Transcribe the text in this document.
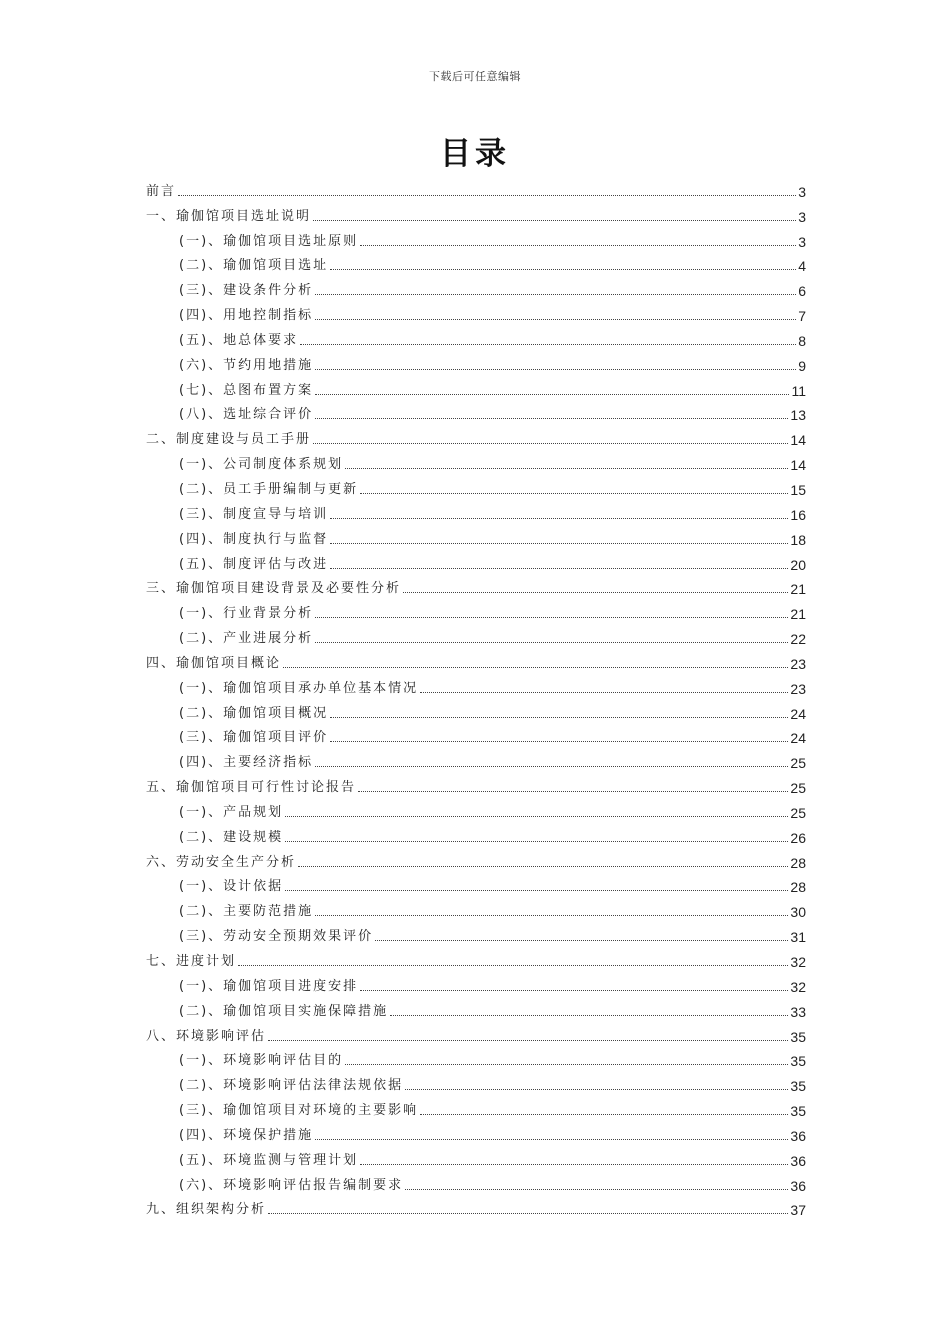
下载后可任意编辑
目录
前言	3
一、瑜伽馆项目选址说明	3
(一)、瑜伽馆项目选址原则	3
(二)、瑜伽馆项目选址	4
(三)、建设条件分析	6
(四)、用地控制指标	7
(五)、地总体要求	8
(六)、节约用地措施	9
(七)、总图布置方案	11
(八)、选址综合评价	13
二、制度建设与员工手册	14
(一)、公司制度体系规划	14
(二)、员工手册编制与更新	15
(三)、制度宣导与培训	16
(四)、制度执行与监督	18
(五)、制度评估与改进	20
三、瑜伽馆项目建设背景及必要性分析	21
(一)、行业背景分析	21
(二)、产业进展分析	22
四、瑜伽馆项目概论	23
(一)、瑜伽馆项目承办单位基本情况	23
(二)、瑜伽馆项目概况	24
(三)、瑜伽馆项目评价	24
(四)、主要经济指标	25
五、瑜伽馆项目可行性讨论报告	25
(一)、产品规划	25
(二)、建设规模	26
六、劳动安全生产分析	28
(一)、设计依据	28
(二)、主要防范措施	30
(三)、劳动安全预期效果评价	31
七、进度计划	32
(一)、瑜伽馆项目进度安排	32
(二)、瑜伽馆项目实施保障措施	33
八、环境影响评估	35
(一)、环境影响评估目的	35
(二)、环境影响评估法律法规依据	35
(三)、瑜伽馆项目对环境的主要影响	35
(四)、环境保护措施	36
(五)、环境监测与管理计划	36
(六)、环境影响评估报告编制要求	36
九、组织架构分析	37
